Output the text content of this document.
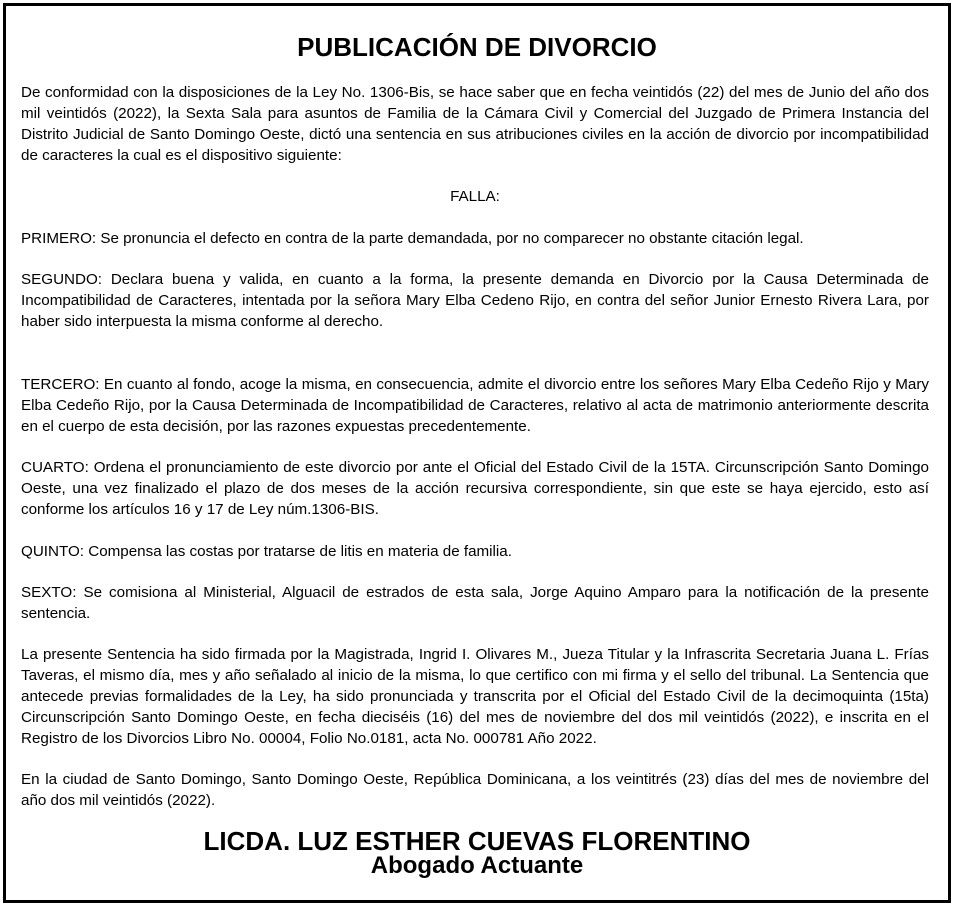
PUBLICACIÓN DE DIVORCIO

De conformidad con la disposiciones de la Ley No. 1306-Bis, se hace saber que en fecha veintidós (22) del mes de Junio del año dos mil veintidós (2022), la Sexta Sala para asuntos de Familia de la Cámara Civil y Comercial del Juzgado de Primera Instancia del Distrito Judicial de Santo Domingo Oeste, dictó una sentencia en sus atribuciones civiles en la acción de divorcio por incompatibilidad de caracteres la cual es el dispositivo siguiente:

FALLA:

PRIMERO: Se pronuncia el defecto en contra de la parte demandada, por no comparecer no obstante citación legal.

SEGUNDO: Declara buena y valida, en cuanto a la forma, la presente demanda en Divorcio por la Causa Determinada de Incompatibilidad de Caracteres, intentada por la señora Mary Elba Cedeno Rijo, en contra del señor Junior Ernesto Rivera Lara, por haber sido interpuesta la misma conforme al derecho.

TERCERO: En cuanto al fondo, acoge la misma, en consecuencia, admite el divorcio entre los señores Mary Elba Cedeño Rijo y Mary Elba Cedeño Rijo, por la Causa Determinada de Incompatibilidad de Caracteres, relativo al acta de matrimonio anteriormente descrita en el cuerpo de esta decisión, por las razones expuestas precedentemente.

CUARTO: Ordena el pronunciamiento de este divorcio por ante el Oficial del Estado Civil de la 15TA. Circunscripción Santo Domingo Oeste, una vez finalizado el plazo de dos meses de la acción recursiva correspondiente, sin que este se haya ejercido, esto así conforme los artículos 16 y 17 de Ley núm.1306-BIS.

QUINTO: Compensa las costas por tratarse de litis en materia de familia.

SEXTO: Se comisiona al Ministerial, Alguacil de estrados de esta sala, Jorge Aquino Amparo para la notificación de la presente sentencia.

La presente Sentencia ha sido firmada por la Magistrada, Ingrid I. Olivares M., Jueza Titular y la Infrascrita Secretaria Juana L. Frías Taveras, el mismo día, mes y año señalado al inicio de la misma, lo que certifico con mi firma y el sello del tribunal. La Sentencia que antecede previas formalidades de la Ley, ha sido pronunciada y transcrita por el Oficial del Estado Civil de la decimoquinta (15ta) Circunscripción Santo Domingo Oeste, en fecha dieciséis (16) del mes de noviembre del dos mil veintidós (2022), e inscrita en el Registro de los Divorcios Libro No. 00004, Folio No.0181, acta No. 000781 Año 2022.

En la ciudad de Santo Domingo, Santo Domingo Oeste, República Dominicana, a los veintitrés (23) días del mes de noviembre del año dos mil veintidós (2022).

LICDA. LUZ ESTHER CUEVAS FLORENTINO

Abogado Actuante
